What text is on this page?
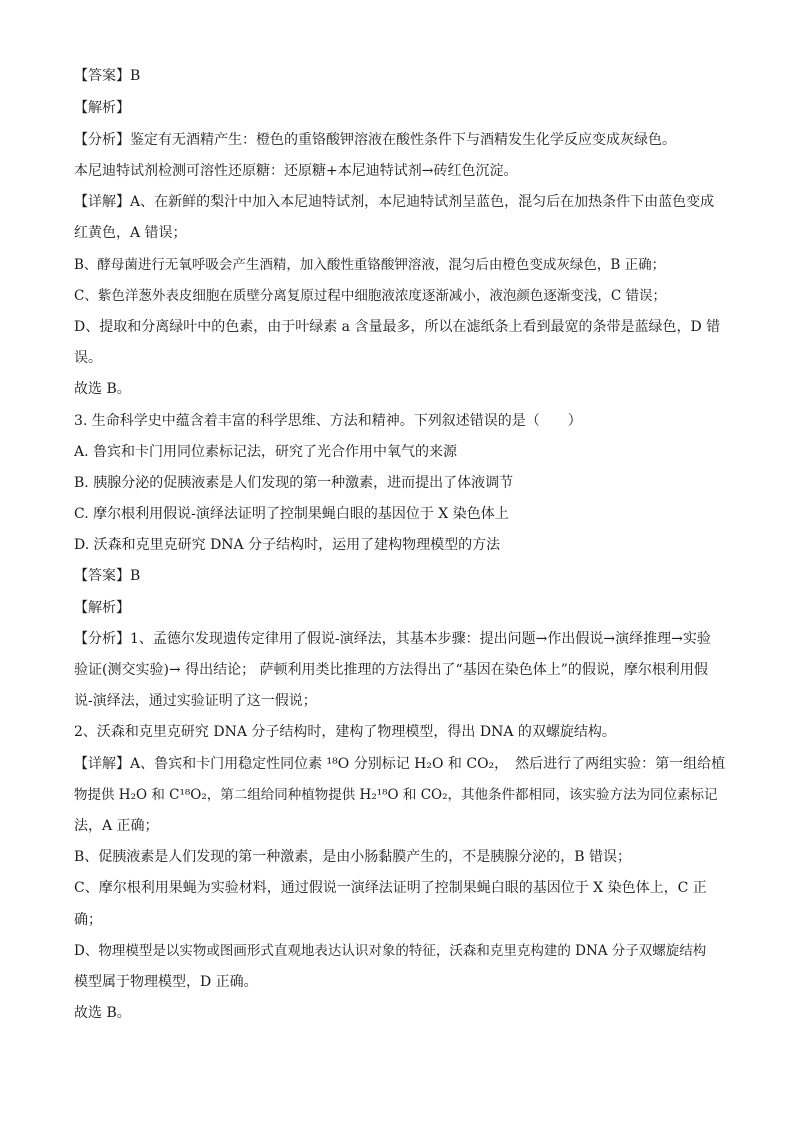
【答案】B
【解析】
【分析】鉴定有无酒精产生：橙色的重铬酸钾溶液在酸性条件下与酒精发生化学反应变成灰绿色。
本尼迪特试剂检测可溶性还原糖：还原糖+本尼迪特试剂→砖红色沉淀。
【详解】A、在新鲜的梨汁中加入本尼迪特试剂，本尼迪特试剂呈蓝色，混匀后在加热条件下由蓝色变成
红黄色，A 错误；
B、酵母菌进行无氧呼吸会产生酒精，加入酸性重铬酸钾溶液，混匀后由橙色变成灰绿色，B 正确；
C、紫色洋葱外表皮细胞在质壁分离复原过程中细胞液浓度逐渐减小，液泡颜色逐渐变浅，C 错误；
D、提取和分离绿叶中的色素，由于叶绿素 a 含量最多，所以在滤纸条上看到最宽的条带是蓝绿色，D 错
误。
故选 B。
3. 生命科学史中蕴含着丰富的科学思维、方法和精神。下列叙述错误的是（　　）
A. 鲁宾和卡门用同位素标记法，研究了光合作用中氧气的来源
B. 胰腺分泌的促胰液素是人们发现的第一种激素，进而提出了体液调节
C. 摩尔根利用假说-演绎法证明了控制果蝇白眼的基因位于 X 染色体上
D. 沃森和克里克研究 DNA 分子结构时，运用了建构物理模型的方法
【答案】B
【解析】
【分析】1、孟德尔发现遗传定律用了假说-演绎法，其基本步骤：提出问题→作出假说→演绎推理→实验
验证(测交实验)→ 得出结论； 萨顿利用类比推理的方法得出了“基因在染色体上”的假说，摩尔根利用假
说-演绎法，通过实验证明了这一假说；
2、沃森和克里克研究 DNA 分子结构时，建构了物理模型，得出 DNA 的双螺旋结构。
【详解】A、鲁宾和卡门用稳定性同位素 ¹⁸O 分别标记 H₂O 和 CO₂，　然后进行了两组实验：第一组给植
物提供 H₂O 和 C¹⁸O₂，第二组给同种植物提供 H₂¹⁸O 和 CO₂，其他条件都相同，该实验方法为同位素标记
法，A 正确；
B、促胰液素是人们发现的第一种激素，是由小肠黏膜产生的，不是胰腺分泌的，B 错误；
C、摩尔根利用果蝇为实验材料，通过假说一演绎法证明了控制果蝇白眼的基因位于 X 染色体上，C 正
确；
D、物理模型是以实物或图画形式直观地表达认识对象的特征，沃森和克里克构建的 DNA 分子双螺旋结构
模型属于物理模型，D 正确。
故选 B。
